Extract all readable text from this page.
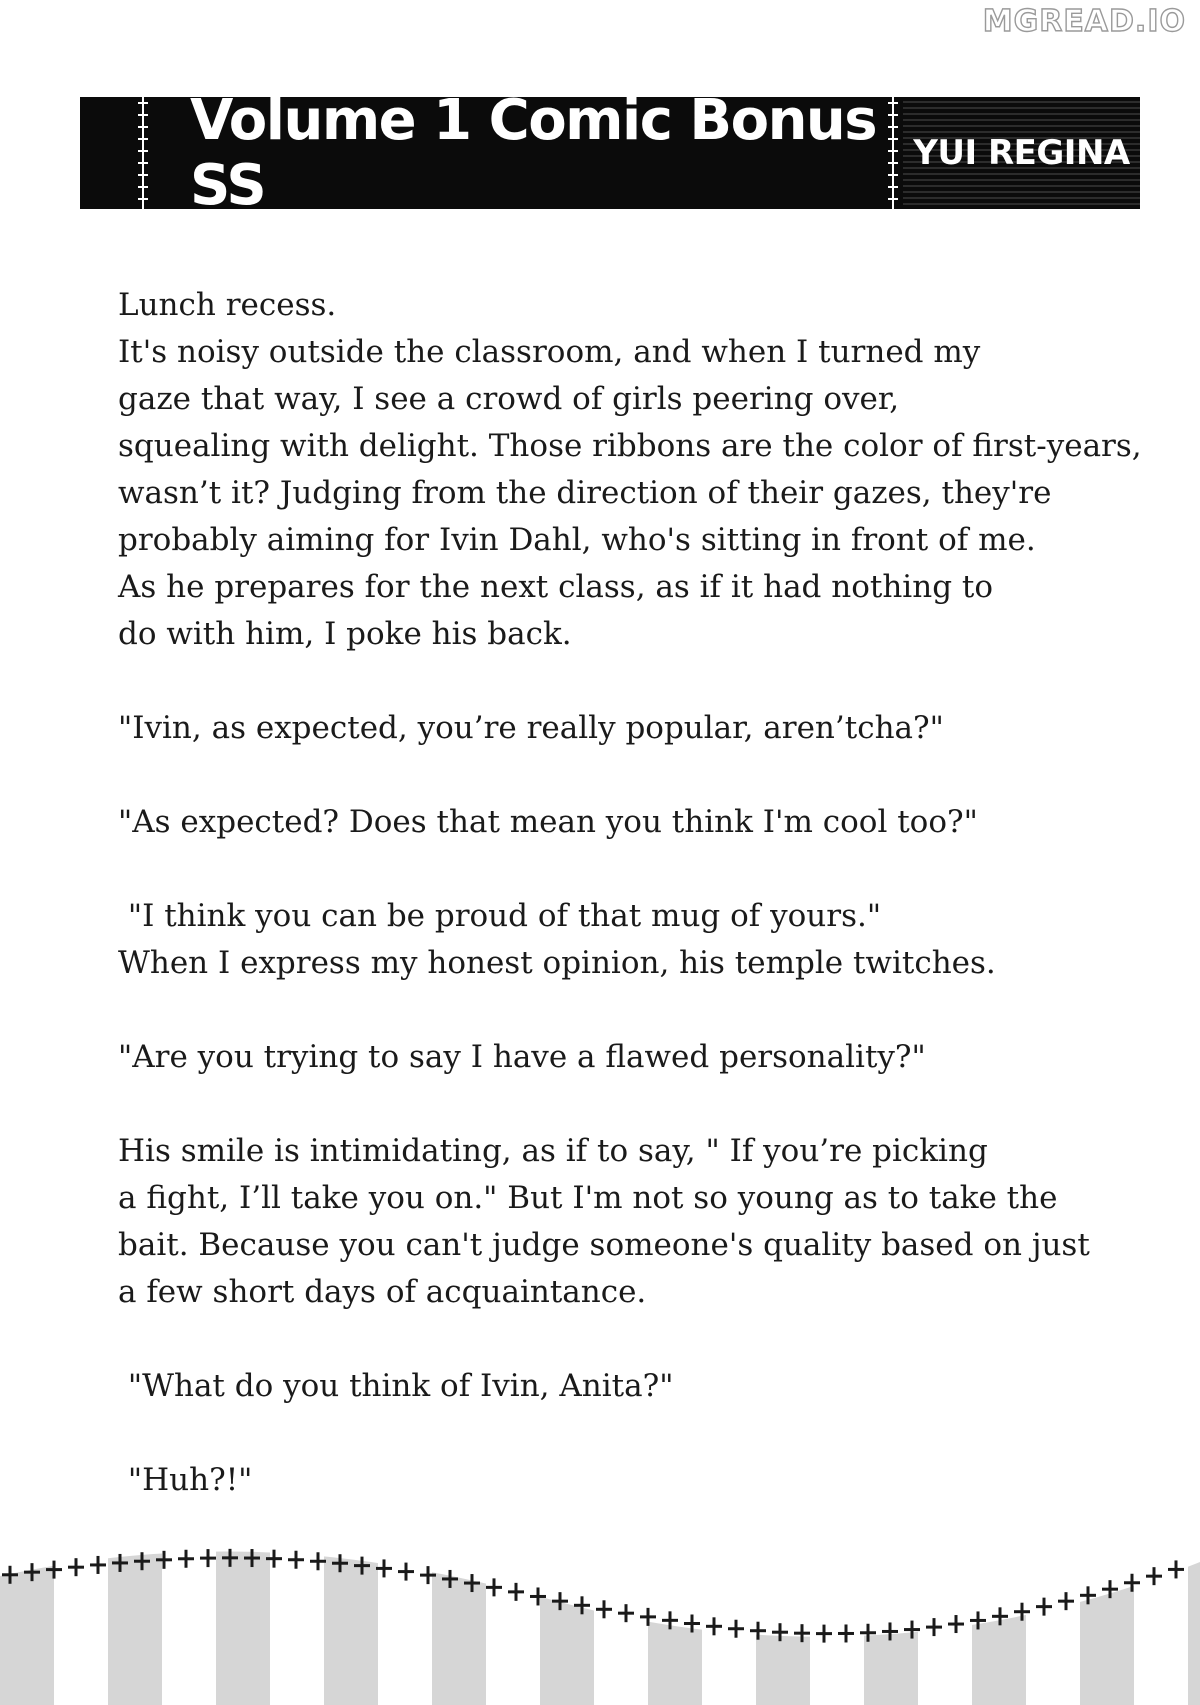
MGREAD.IO
Volume 1 Comic Bonus SS	YUI REGINA

Lunch recess.

It's noisy outside the classroom, and when I turned my

gaze that way, I see a crowd of girls peering over,

squealing with delight. Those ribbons are the color of first-years,

wasn’t it? Judging from the direction of their gazes, they're

probably aiming for Ivin Dahl, who's sitting in front of me.

As he prepares for the next class, as if it had nothing to

do with him, I poke his back.

"Ivin, as expected, you’re really popular, aren’tcha?"

"As expected? Does that mean you think I'm cool too?"

"I think you can be proud of that mug of yours."

When I express my honest opinion, his temple twitches.

"Are you trying to say I have a flawed personality?"

His smile is intimidating, as if to say, " If you’re picking

a fight, I’ll take you on." But I'm not so young as to take the

bait. Because you can't judge someone's quality based on just

a few short days of acquaintance.

"What do you think of Ivin, Anita?"

"Huh?!"
